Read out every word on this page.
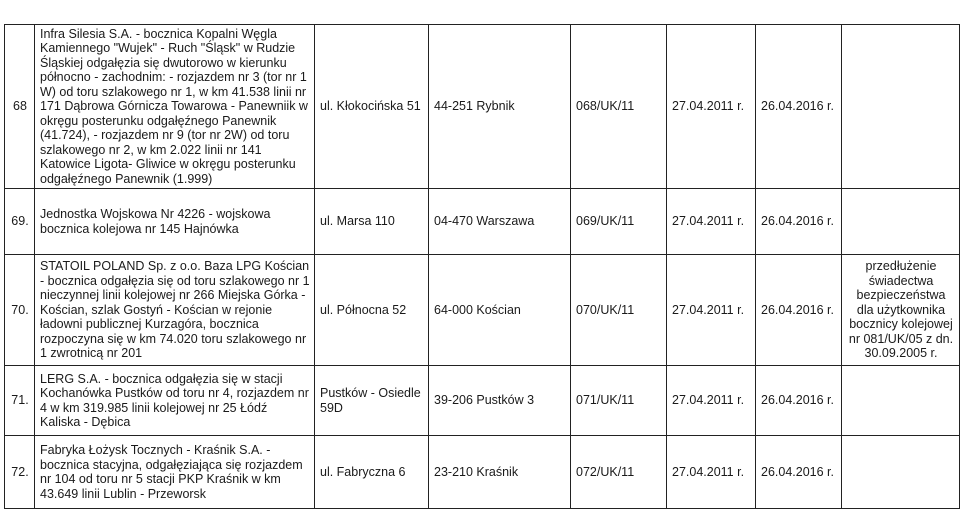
68	Infra Silesia S.A. - bocznica Kopalni Węgla Kamiennego "Wujek" - Ruch "Śląsk" w Rudzie Śląskiej odgałęzia się dwutorowo w kierunku północno - zachodnim: - rozjazdem nr 3 (tor nr 1 W) od toru szlakowego nr 1, w km 41.538 linii nr 171 Dąbrowa Górnicza Towarowa - Panewniik w okręgu posterunku odgałęźnego Panewnik (41.724), - rozjazdem nr 9 (tor nr 2W) od toru szlakowego nr 2, w km 2.022 linii nr 141 Katowice Ligota- Gliwice w okręgu posterunku odgałęźnego Panewnik (1.999)	ul. Kłokocińska 51	44-251 Rybnik	068/UK/11	27.04.2011 r.	26.04.2016 r.	
69.	Jednostka Wojskowa Nr 4226 - wojskowa bocznica kolejowa nr 145 Hajnówka	ul. Marsa 110	04-470 Warszawa	069/UK/11	27.04.2011 r.	26.04.2016 r.	
70.	STATOIL POLAND Sp. z o.o. Baza LPG Kościan - bocznica odgałęzia się od toru szlakowego nr 1 nieczynnej linii kolejowej nr 266 Miejska Górka - Kościan, szlak Gostyń - Kościan w rejonie ładowni publicznej Kurzagóra, bocznica rozpoczyna się w km 74.020 toru szlakowego nr 1 zwrotnicą nr 201	ul. Północna 52	64-000 Kościan	070/UK/11	27.04.2011 r.	26.04.2016 r.	przedłużenie świadectwa bezpieczeństwa dla użytkownika bocznicy kolejowej nr 081/UK/05 z dn. 30.09.2005 r.
71.	LERG S.A. - bocznica odgałęzia się w stacji Kochanówka Pustków od toru nr 4, rozjazdem nr 4 w km 319.985 linii kolejowej nr 25 Łódź Kaliska - Dębica	Pustków - Osiedle 59D	39-206 Pustków 3	071/UK/11	27.04.2011 r.	26.04.2016 r.	
72.	Fabryka Łożysk Tocznych - Kraśnik S.A. - bocznica stacyjna, odgałęziająca się rozjazdem nr 104 od toru nr 5 stacji PKP Kraśnik w km 43.649 linii Lublin - Przeworsk	ul. Fabryczna 6	23-210 Kraśnik	072/UK/11	27.04.2011 r.	26.04.2016 r.	
